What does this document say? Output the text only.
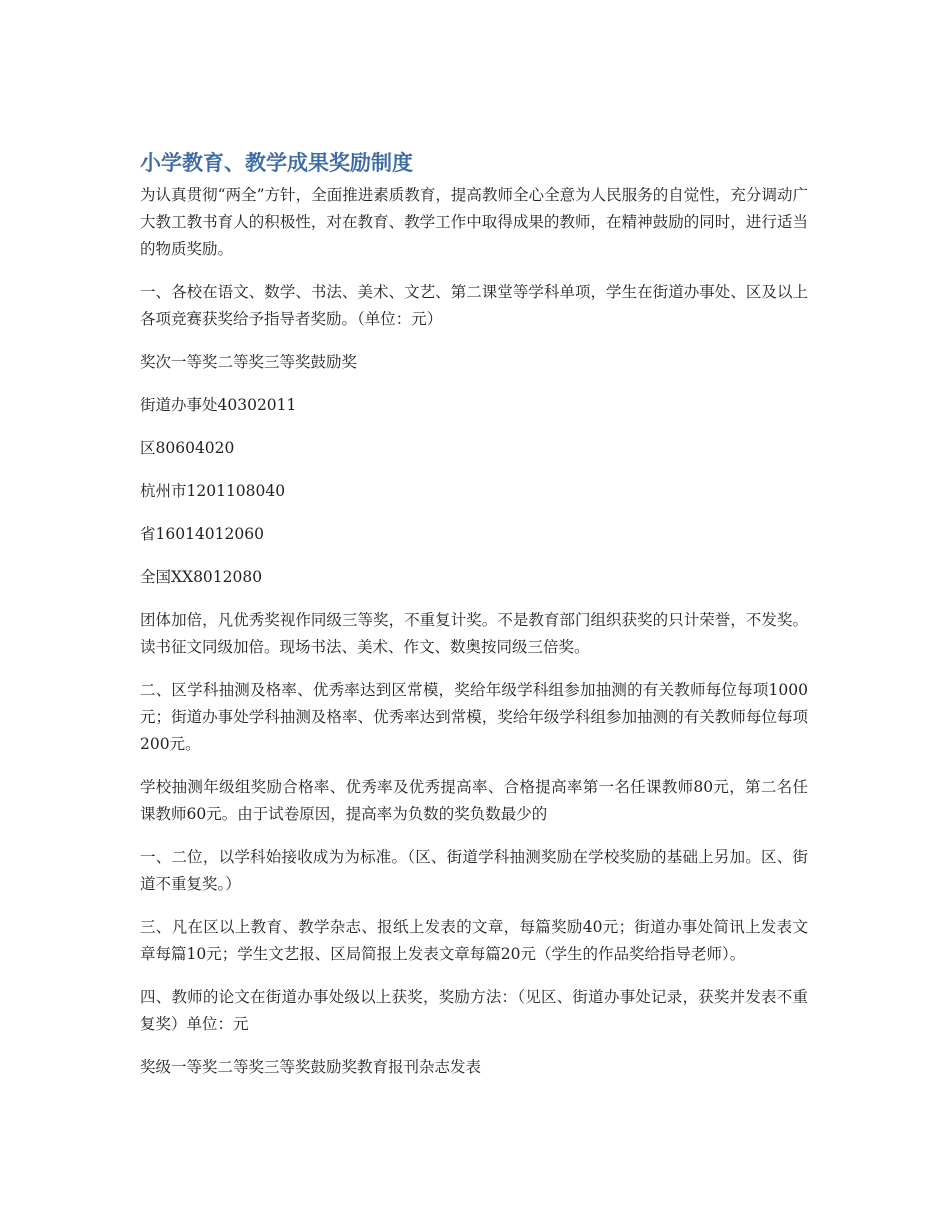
小学教育、教学成果奖励制度

为认真贯彻“两全”方针，全面推进素质教育，提高教师全心全意为人民服务的自觉性，充分调动广大教工教书育人的积极性，对在教育、教学工作中取得成果的教师，在精神鼓励的同时，进行适当的物质奖励。

一、各校在语文、数学、书法、美术、文艺、第二课堂等学科单项，学生在街道办事处、区及以上各项竞赛获奖给予指导者奖励。（单位：元）

奖次一等奖二等奖三等奖鼓励奖

街道办事处40302011

区80604020

杭州市1201108040

省16014012060

全国XX8012080

团体加倍，凡优秀奖视作同级三等奖，不重复计奖。不是教育部门组织获奖的只计荣誉，不发奖。读书征文同级加倍。现场书法、美术、作文、数奥按同级三倍奖。

二、区学科抽测及格率、优秀率达到区常模，奖给年级学科组参加抽测的有关教师每位每项1000元；街道办事处学科抽测及格率、优秀率达到常模，奖给年级学科组参加抽测的有关教师每位每项200元。

学校抽测年级组奖励合格率、优秀率及优秀提高率、合格提高率第一名任课教师80元，第二名任课教师60元。由于试卷原因，提高率为负数的奖负数最少的

一、二位，以学科始接收成为为标准。（区、街道学科抽测奖励在学校奖励的基础上另加。区、街道不重复奖。）

三、凡在区以上教育、教学杂志、报纸上发表的文章，每篇奖励40元；街道办事处简讯上发表文章每篇10元；学生文艺报、区局简报上发表文章每篇20元（学生的作品奖给指导老师）。

四、教师的论文在街道办事处级以上获奖，奖励方法：（见区、街道办事处记录，获奖并发表不重复奖）单位：元

奖级一等奖二等奖三等奖鼓励奖教育报刊杂志发表
